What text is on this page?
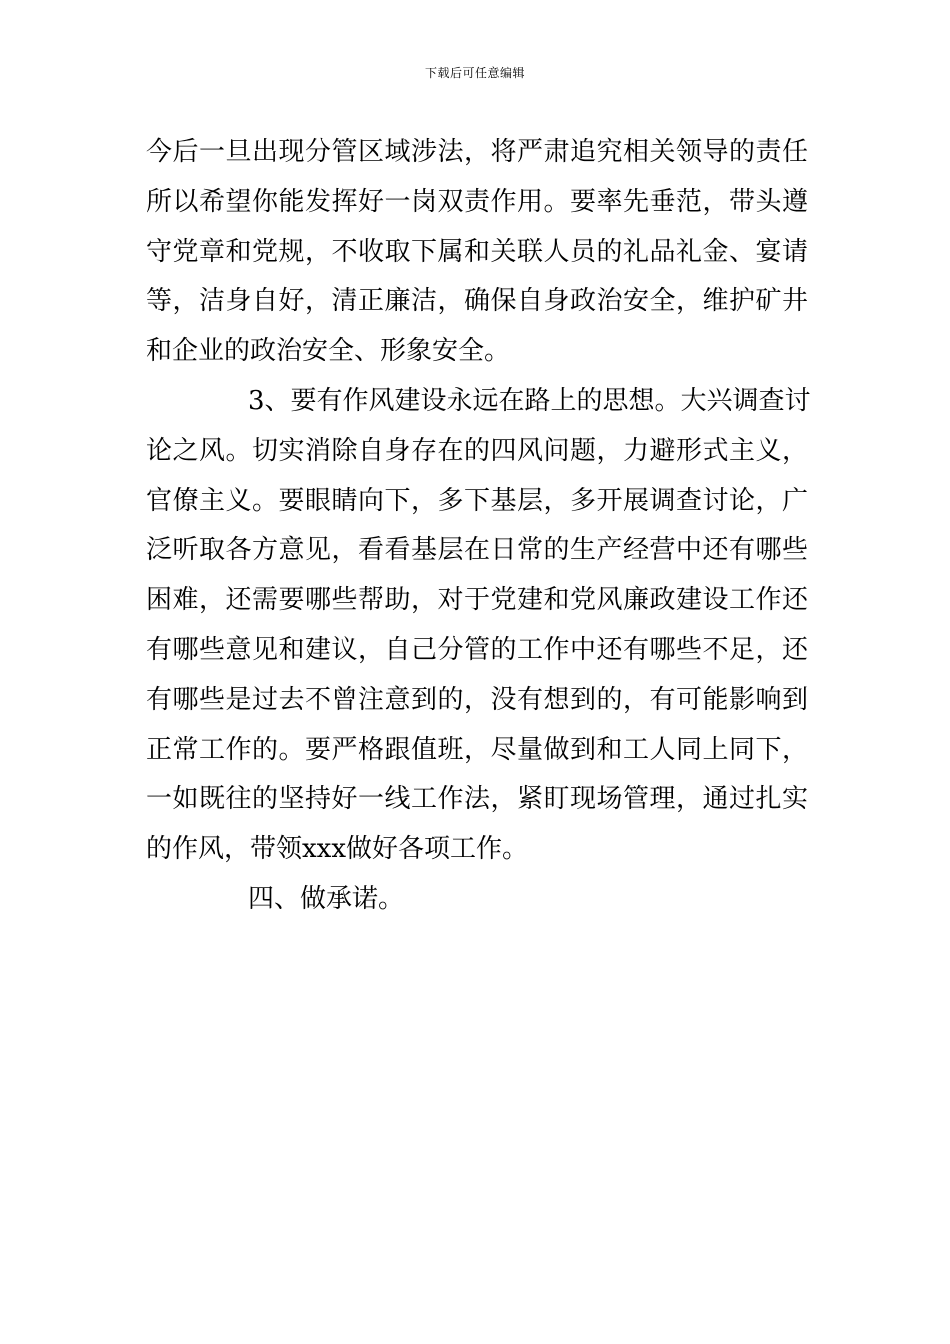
下载后可任意编辑
今后一旦出现分管区域涉法，将严肃追究相关领导的责任
所以希望你能发挥好一岗双责作用。要率先垂范，带头遵
守党章和党规，不收取下属和关联人员的礼品礼金、宴请
等，洁身自好，清正廉洁，确保自身政治安全，维护矿井
和企业的政治安全、形象安全。
3、要有作风建设永远在路上的思想。大兴调查讨
论之风。切实消除自身存在的四风问题，力避形式主义，
官僚主义。要眼睛向下，多下基层，多开展调查讨论，广
泛听取各方意见，看看基层在日常的生产经营中还有哪些
困难，还需要哪些帮助，对于党建和党风廉政建设工作还
有哪些意见和建议，自己分管的工作中还有哪些不足，还
有哪些是过去不曾注意到的，没有想到的，有可能影响到
正常工作的。要严格跟值班，尽量做到和工人同上同下，
一如既往的坚持好一线工作法，紧盯现场管理，通过扎实
的作风，带领xxx做好各项工作。
四、做承诺。
